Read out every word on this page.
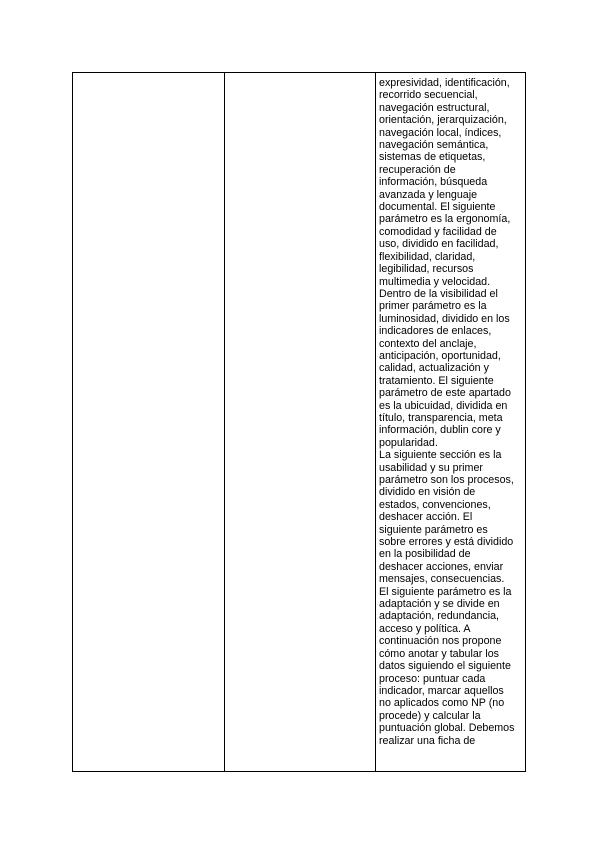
expresividad, identificación,
recorrido secuencial,
navegación estructural,
orientación, jerarquización,
navegación local, índices,
navegación semántica,
sistemas de etiquetas,
recuperación de
información, búsqueda
avanzada y lenguaje
documental. El siguiente
parámetro es la ergonomía,
comodidad y facilidad de
uso, dividido en facilidad,
flexibilidad, claridad,
legibilidad, recursos
multimedia y velocidad.
Dentro de la visibilidad el
primer parámetro es la
luminosidad, dividido en los
indicadores de enlaces,
contexto del anclaje,
anticipación, oportunidad,
calidad, actualización y
tratamiento. El siguiente
parámetro de este apartado
es la ubicuidad, dividida en
título, transparencia, meta
información, dublin core y
popularidad.
La siguiente sección es la
usabilidad y su primer
parámetro son los procesos,
dividido en visión de
estados, convenciones,
deshacer acción. El
siguiente parámetro es
sobre errores y está dividido
en la posibilidad de
deshacer acciones, enviar
mensajes, consecuencias.
El siguiente parámetro es la
adaptación y se divide en
adaptación, redundancia,
acceso y política. A
continuación nos propone
cómo anotar y tabular los
datos siguiendo el siguiente
proceso: puntuar cada
indicador, marcar aquellos
no aplicados como NP (no
procede) y calcular la
puntuación global. Debemos
realizar una ficha de
